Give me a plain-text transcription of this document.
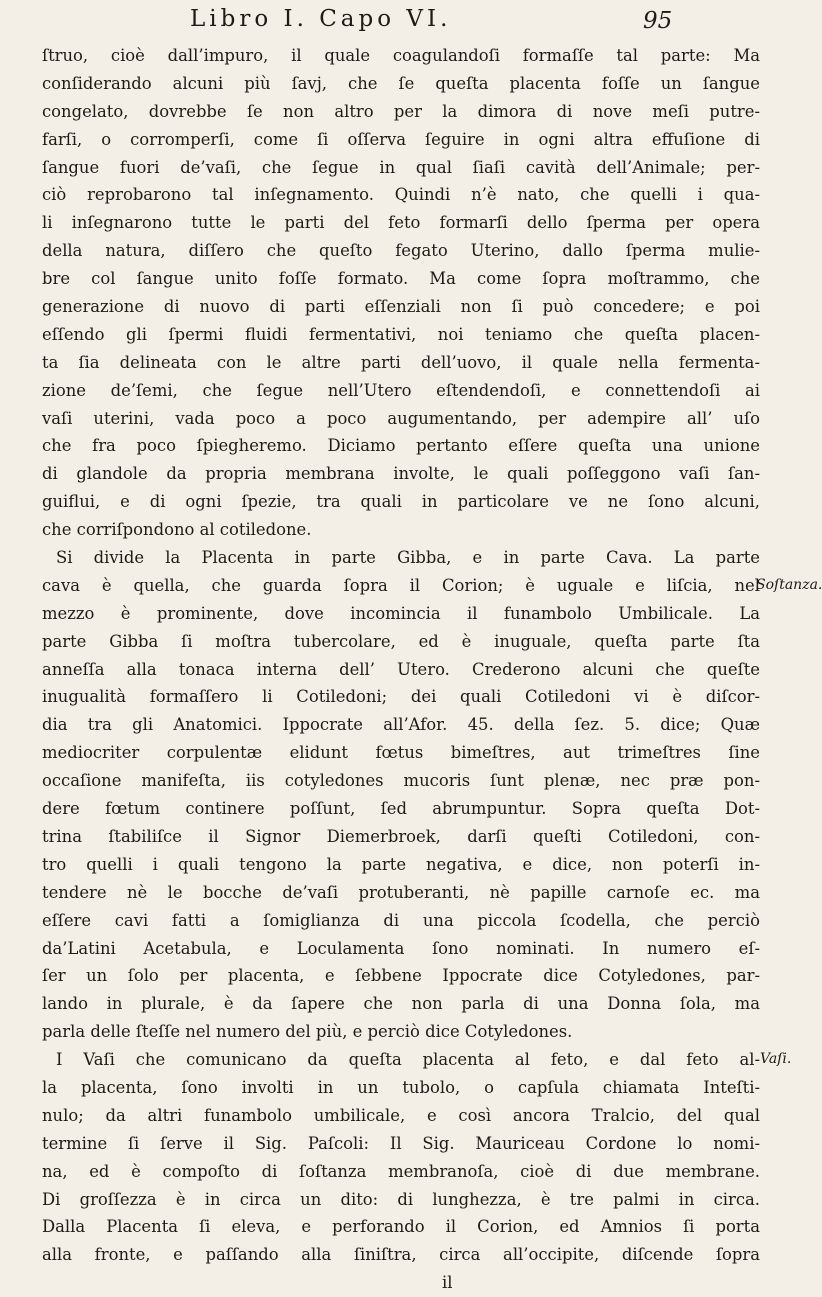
Libro I. Capo VI.	95
ſtruo, cioè dall’impuro, il quale coagulandoſi formaſſe tal parte: Ma
conſiderando alcuni più ſavj, che ſe queſta placenta foſſe un ſangue
congelato, dovrebbe ſe non altro per la dimora di nove meſi putre-
farſi, o corromperſi, come ſi oſſerva ſeguire in ogni altra effuſione di
ſangue fuori de’vaſi, che ſegue in qual ſiaſi cavità dell’Animale; per-
ciò reprobarono tal inſegnamento. Quindi n’è nato, che quelli i qua-
li inſegnarono tutte le parti del feto formarſi dello ſperma per opera
della natura, diſſero che queſto fegato Uterino, dallo ſperma mulie-
bre col ſangue unito foſſe formato. Ma come ſopra moſtrammo, che
generazione di nuovo di parti eſſenziali non ſi può concedere; e poi
eſſendo gli ſpermi fluidi fermentativi, noi teniamo che queſta placen-
ta ſia delineata con le altre parti dell’uovo, il quale nella fermenta-
zione de’ſemi, che ſegue nell’Utero eſtendendoſi, e connettendoſi ai
vaſi uterini, vada poco a poco augumentando, per adempire all’ uſo
che fra poco ſpiegheremo. Diciamo pertanto eſſere queſta una unione
di glandole da propria membrana involte, le quali poſſeggono vaſi ſan-
guiflui, e di ogni ſpezie, tra quali in particolare ve ne ſono alcuni,
che corriſpondono al cotiledone.
Si divide la Placenta in parte Gibba, e in parte Cava. La parte
cava è quella, che guarda ſopra il Corion; è uguale e liſcia, nel
mezzo è prominente, dove incomincia il funambolo Umbilicale. La
parte Gibba ſi moſtra tubercolare, ed è inuguale, queſta parte ſta
anneſſa alla tonaca interna dell’ Utero. Crederono alcuni che queſte
inugualità formaſſero li Cotiledoni; dei quali Cotiledoni vi è diſcor-
dia tra gli Anatomici. Ippocrate all’Afor. 45. della ſez. 5. dice; Quæ
mediocriter corpulentæ elidunt fœtus bimeſtres, aut trimeſtres ſine
occaſione manifeſta, iis cotyledones mucoris ſunt plenæ, nec præ pon-
dere fœtum continere poſſunt, ſed abrumpuntur. Sopra queſta Dot-
trina ſtabiliſce il Signor Diemerbroek, darſi queſti Cotiledoni, con-
tro quelli i quali tengono la parte negativa, e dice, non poterſi in-
tendere nè le bocche de’vaſi protuberanti, nè papille carnoſe ec. ma
eſſere cavi fatti a ſomiglianza di una piccola ſcodella, che perciò
da’Latini Acetabula, e Loculamenta ſono nominati. In numero eſ-
ſer un ſolo per placenta, e ſebbene Ippocrate dice Cotyledones, par-
lando in plurale, è da ſapere che non parla di una Donna ſola, ma
parla delle ſteſſe nel numero del più, e perciò dice Cotyledones.
I Vaſi che comunicano da queſta placenta al feto, e dal feto al-
la placenta, ſono involti in un tubolo, o capſula chiamata Inteſti-
nulo; da altri funambolo umbilicale, e così ancora Tralcio, del qual
termine ſi ſerve il Sig. Paſcoli: Il Sig. Mauriceau Cordone lo nomi-
na, ed è compoſto di ſoſtanza membranoſa, cioè di due membrane.
Di groſſezza è in circa un dito: di lunghezza, è tre palmi in circa.
Dalla Placenta ſi eleva, e perforando il Corion, ed Amnios ſi porta
alla fronte, e paſſando alla ſiniſtra, circa all’occipite, diſcende ſopra
il
Soſtanza.
Vaſi.
